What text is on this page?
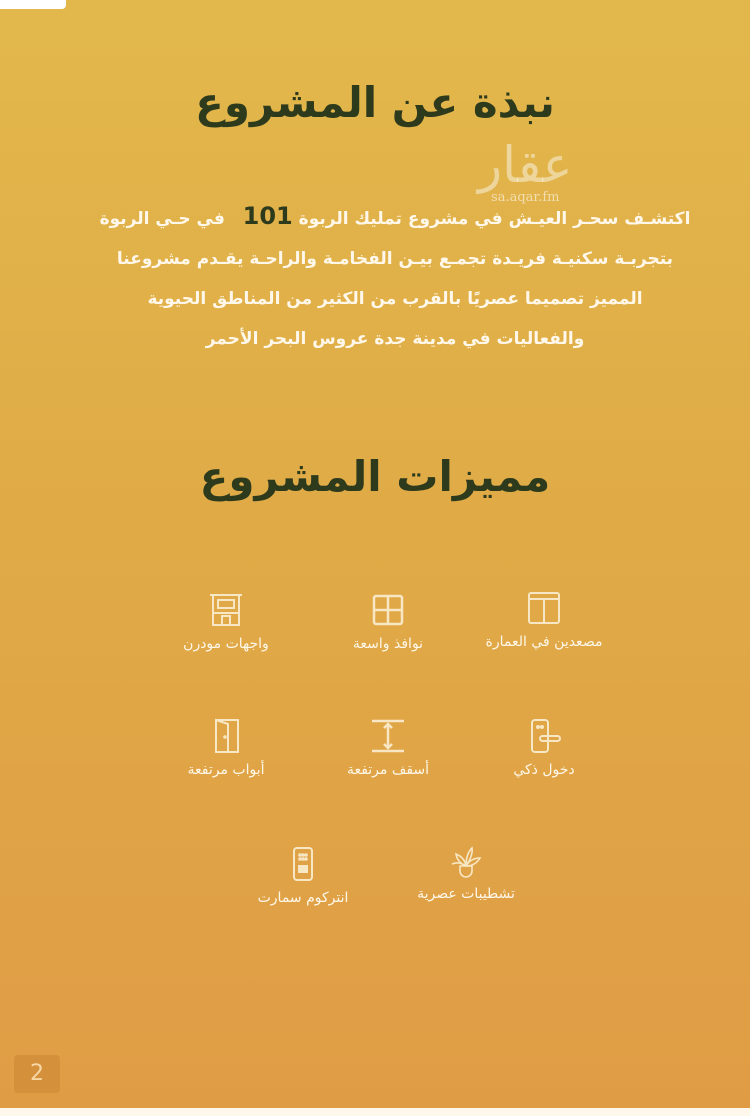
نبذة عن المشروع
عقار
sa.aqar.fm
اكتشـف سحـر العيـش في مشروع تمليك الربوة 101   في حـي الربوة
بتجربـة سكنيـة فريـدة تجمـع بيـن الفخامـة والراحـة يقـدم مشروعنا
المميز تصميما عصريًا بالقرب من الكثير من المناطق الحيوية
والفعاليات في مدينة جدة عروس البحر الأحمر
مميزات المشروع
مصعدين في العمارة
نوافذ واسعة
واجهات مودرن
دخول ذكي
أسقف مرتفعة
أبواب مرتفعة
تشطيبات عصرية
انتركوم سمارت
2
